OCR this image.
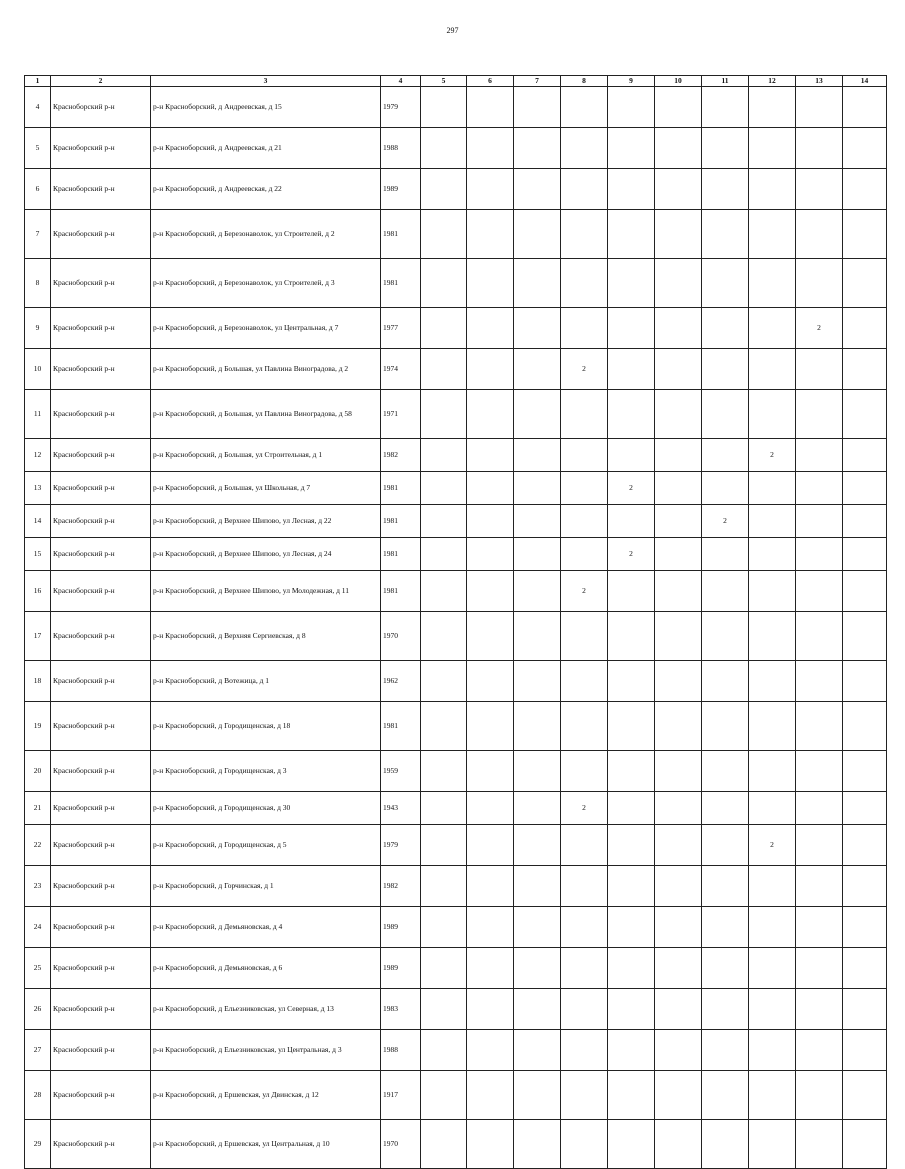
297
1	2	3	4	5	6	7	8	9	10	11	12	13	14	
4	Красноборский р-н	р-н Красноборский, д Андреевская, д 15	1979											
5	Красноборский р-н	р-н Красноборский, д Андреевская, д 21	1988											
6	Красноборский р-н	р-н Красноборский, д Андреевская, д 22	1989											
7	Красноборский р-н	р-н Красноборский, д Березонаволок, ул Строителей, д 2	1981											
8	Красноборский р-н	р-н Красноборский, д Березонаволок, ул Строителей, д 3	1981											
9	Красноборский р-н	р-н Красноборский, д Березонаволок, ул Центральная, д 7	1977									2		
10	Красноборский р-н	р-н Красноборский, д Большая, ул Павлина Виноградова, д 2	1974				2							
11	Красноборский р-н	р-н Красноборский, д Большая, ул Павлина Виноградова, д 58	1971											
12	Красноборский р-н	р-н Красноборский, д Большая, ул Строительная, д 1	1982								2			
13	Красноборский р-н	р-н Красноборский, д Большая, ул Школьная, д 7	1981					2						
14	Красноборский р-н	р-н Красноборский, д Верхнее Шипово, ул Лесная, д 22	1981							2				
15	Красноборский р-н	р-н Красноборский, д Верхнее Шипово, ул Лесная, д 24	1981					2						
16	Красноборский р-н	р-н Красноборский, д Верхнее Шипово, ул Молодежная, д 11	1981				2							
17	Красноборский р-н	р-н Красноборский, д Верхняя Сергиевская, д 8	1970											
18	Красноборский р-н	р-н Красноборский, д Вотежица, д 1	1962											
19	Красноборский р-н	р-н Красноборский, д Городищенская, д 18	1981											
20	Красноборский р-н	р-н Красноборский, д Городищенская, д 3	1959											
21	Красноборский р-н	р-н Красноборский, д Городищенская, д 30	1943				2							
22	Красноборский р-н	р-н Красноборский, д Городищенская, д 5	1979								2			
23	Красноборский р-н	р-н Красноборский, д Горчинская, д 1	1982											
24	Красноборский р-н	р-н Красноборский, д Демьяновская, д 4	1989											
25	Красноборский р-н	р-н Красноборский, д Демьяновская, д 6	1989											
26	Красноборский р-н	р-н Красноборский, д Ельезниковская, ул Северная, д 13	1983											
27	Красноборский р-н	р-н Красноборский, д Ельезниковская, ул Центральная, д 3	1988											
28	Красноборский р-н	р-н Красноборский, д Ершевская, ул Двинская, д 12	1917											
29	Красноборский р-н	р-н Красноборский, д Ершевская, ул Центральная, д 10	1970											
